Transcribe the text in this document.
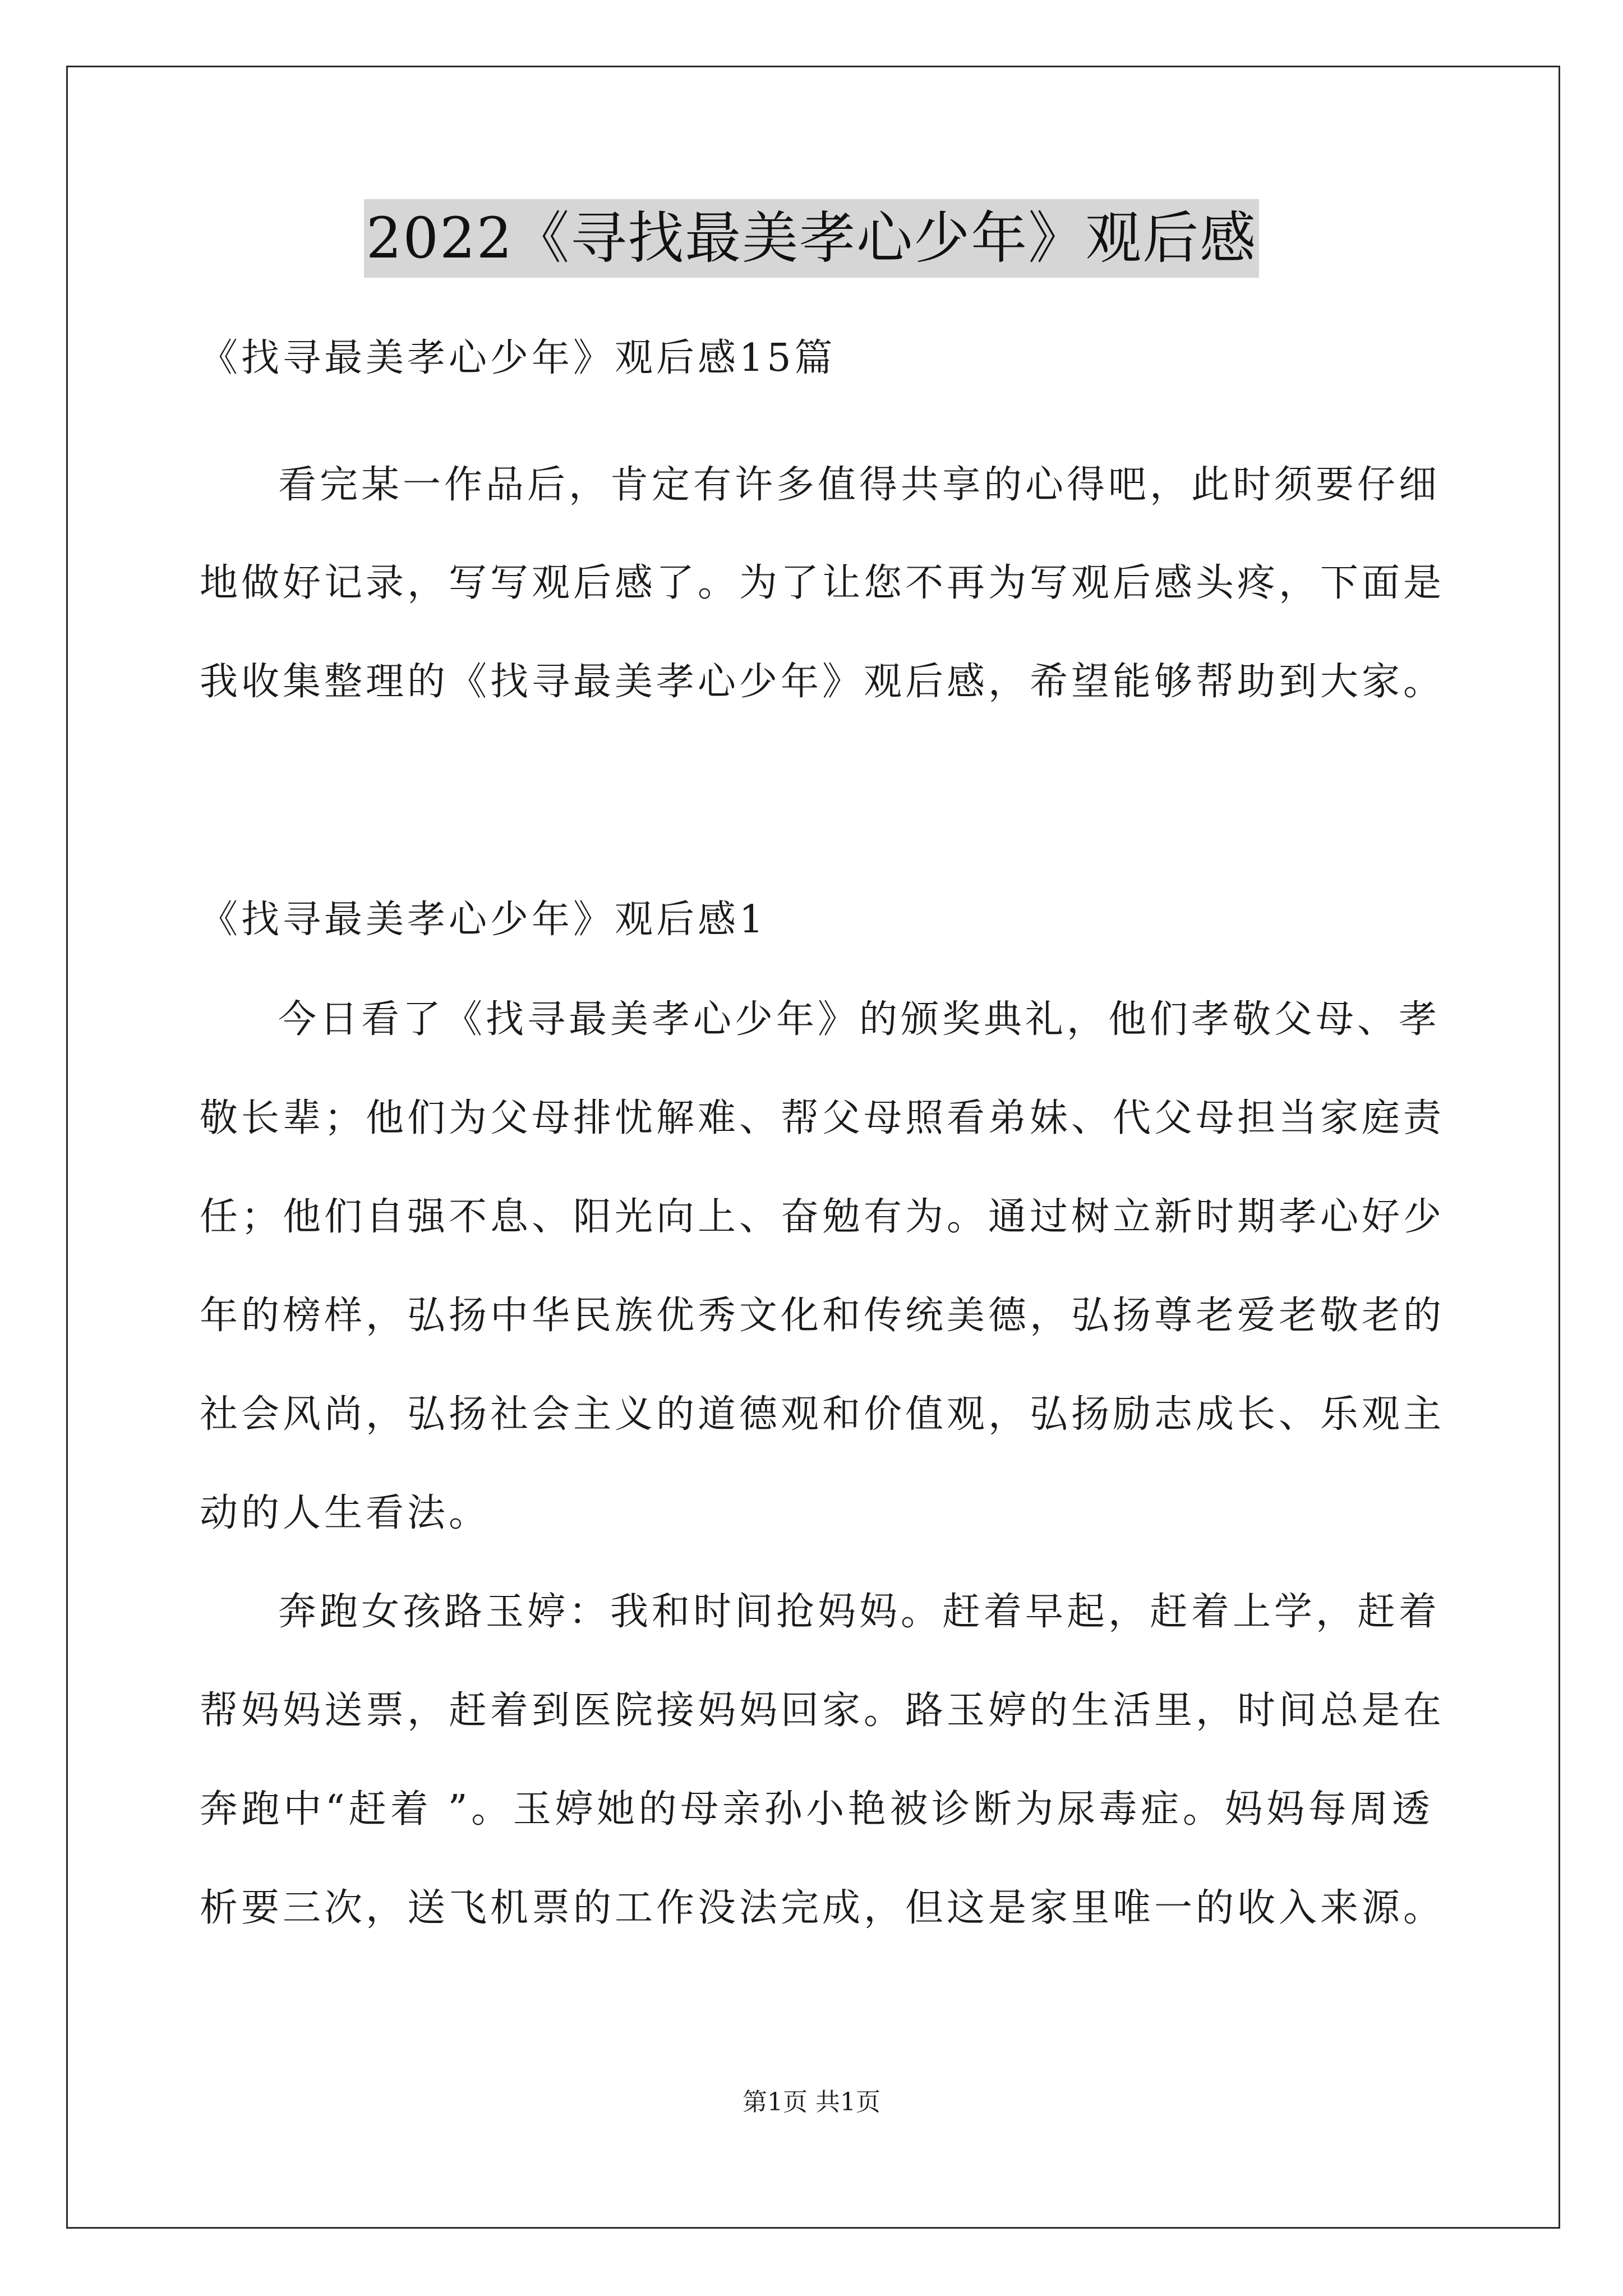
2022《寻找最美孝心少年》观后感
《找寻最美孝心少年》观后感15篇
看完某一作品后，肯定有许多值得共享的心得吧，此时须要仔细
地做好记录，写写观后感了。为了让您不再为写观后感头疼，下面是
我收集整理的《找寻最美孝心少年》观后感，希望能够帮助到大家。
《找寻最美孝心少年》观后感1
今日看了《找寻最美孝心少年》的颁奖典礼，他们孝敬父母、孝
敬长辈；他们为父母排忧解难、帮父母照看弟妹、代父母担当家庭责
任；他们自强不息、阳光向上、奋勉有为。通过树立新时期孝心好少
年的榜样，弘扬中华民族优秀文化和传统美德，弘扬尊老爱老敬老的
社会风尚，弘扬社会主义的道德观和价值观，弘扬励志成长、乐观主
动的人生看法。
奔跑女孩路玉婷：我和时间抢妈妈。赶着早起，赶着上学，赶着
帮妈妈送票，赶着到医院接妈妈回家。路玉婷的生活里，时间总是在
奔跑中“赶着 ”。玉婷她的母亲孙小艳被诊断为尿毒症。妈妈每周透
析要三次，送飞机票的工作没法完成，但这是家里唯一的收入来源。
第1页 共1页
